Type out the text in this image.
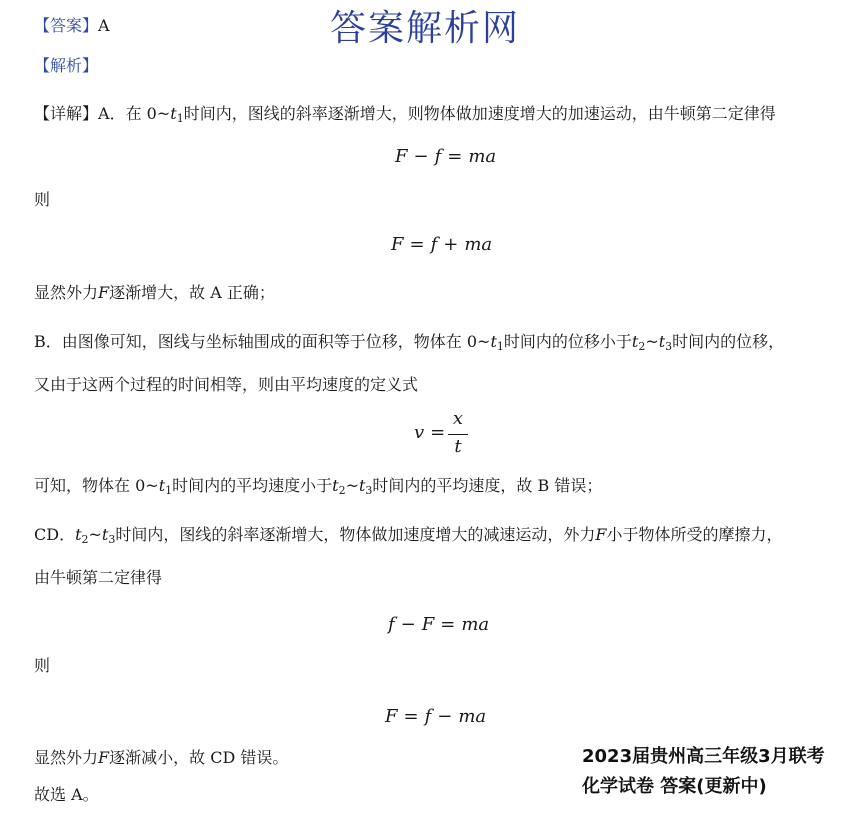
答案解析网
【答案】A
【解析】
【详解】A．在 $0\sim t_1$时间内，图线的斜率逐渐增大，则物体做加速度增大的加速运动，由牛顿第二定律得
F − f = ma
则
F = f + ma
显然外力F逐渐增大，故 A 正确；
B．由图像可知，图线与坐标轴围成的面积等于位移，物体在 $0\sim t_1$时间内的位移小于$t_2\sim t_3$时间内的位移，
又由于这两个过程的时间相等，则由平均速度的定义式
v =
x
t
可知，物体在 $0\sim t_1$时间内的平均速度小于$t_2\sim t_3$时间内的平均速度，故 B 错误；
CD．$t_2\sim t_3$时间内，图线的斜率逐渐增大，物体做加速度增大的减速运动，外力F小于物体所受的摩擦力，
由牛顿第二定律得
f − F = ma
则
F = f − ma
显然外力F逐渐减小，故 CD 错误。
故选 A。
2023届贵州高三年级3月联考
化学试卷 答案(更新中)
